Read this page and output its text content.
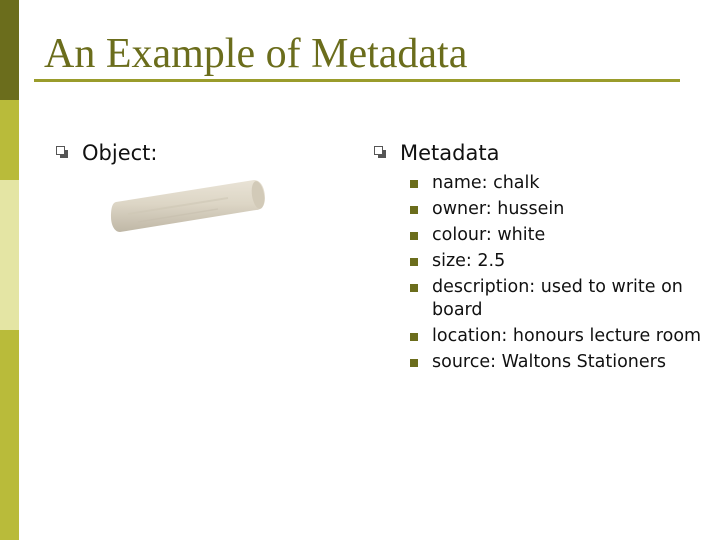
An Example of Metadata
Object:	Metadata
name: chalk
owner: hussein
colour: white
size: 2.5
description: used to write on board
location: honours lecture room
source: Waltons Stationers
